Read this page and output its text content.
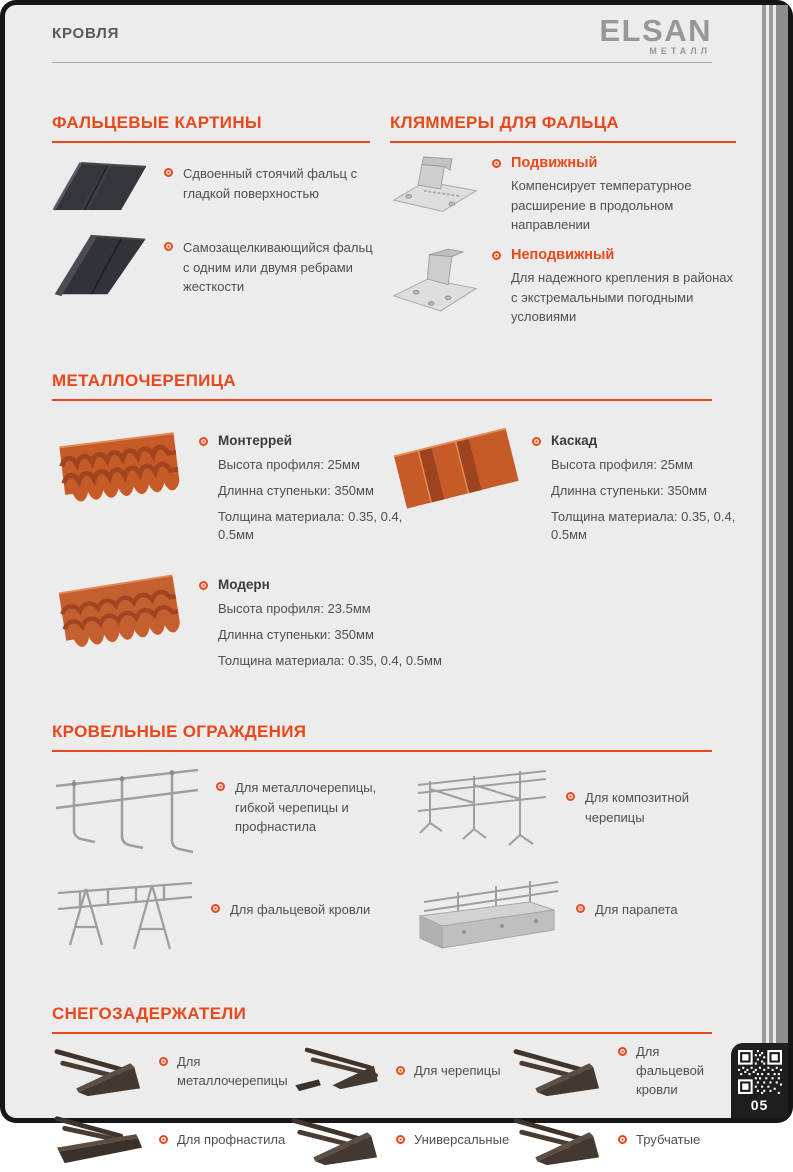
КРОВЛЯ	ELSAN
МЕТАЛЛ
ФАЛЬЦЕВЫЕ КАРТИНЫ
Сдвоенный стоячий фальц с гладкой поверхностью
Самозащелкивающийся фальц с одним или двумя ребрами жесткости
КЛЯММЕРЫ ДЛЯ ФАЛЬЦА
Подвижный
Компенсирует температурное расширение в продольном направлении
Неподвижный
Для надежного крепления в районах с экстремальными погодными условиями
МЕТАЛЛОЧЕРЕПИЦА
Монтеррей
Высота профиля: 25мм
Длинна ступеньки: 350мм
Толщина материала: 0.35, 0.4, 0.5мм
Каскад
Высота профиля: 25мм
Длинна ступеньки: 350мм
Толщина материала: 0.35, 0.4, 0.5мм
Модерн
Высота профиля: 23.5мм
Длинна ступеньки: 350мм
Толщина материала: 0.35, 0.4, 0.5мм
КРОВЕЛЬНЫЕ ОГРАЖДЕНИЯ
Для металлочерепицы, гибкой черепицы и профнастила
Для композитной черепицы
Для фальцевой кровли	Для парапета
СНЕГОЗАДЕРЖАТЕЛИ
Для металлочерепицы
Для черепицы
Для фальцевой кровли
Для профнастила	Универсальные	Трубчатые
05
